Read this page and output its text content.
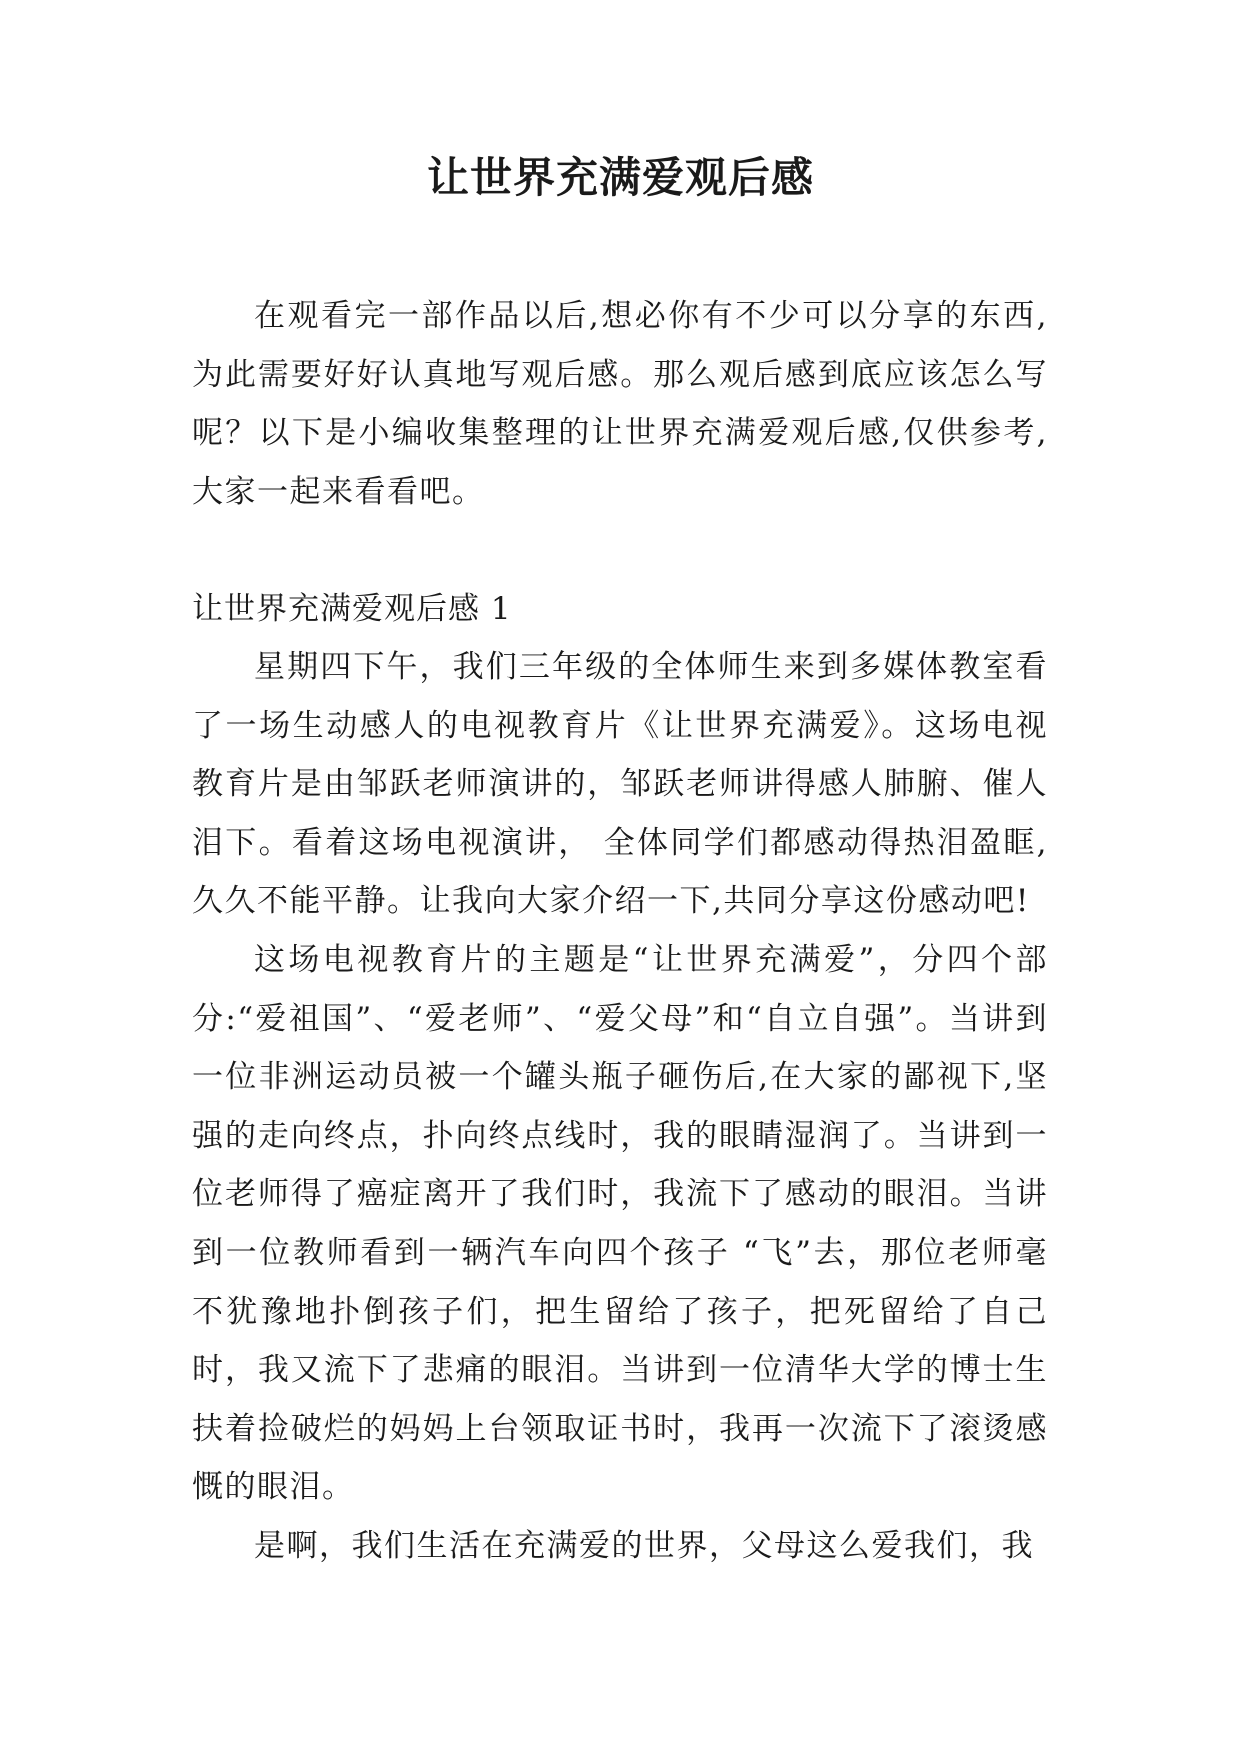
让世界充满爱观后感

在观看完一部作品以后,想必你有不少可以分享的东西,为此需要好好认真地写观后感。那么观后感到底应该怎么写呢？以下是小编收集整理的让世界充满爱观后感,仅供参考,大家一起来看看吧。

让世界充满爱观后感 1

星期四下午，我们三年级的全体师生来到多媒体教室看了一场生动感人的电视教育片《让世界充满爱》。这场电视教育片是由邹跃老师演讲的，邹跃老师讲得感人肺腑、催人泪下。看着这场电视演讲， 全体同学们都感动得热泪盈眶,久久不能平静。让我向大家介绍一下,共同分享这份感动吧!

这场电视教育片的主题是“让世界充满爱”，分四个部分:“爱祖国”、“爱老师”、“爱父母”和“自立自强”。当讲到一位非洲运动员被一个罐头瓶子砸伤后,在大家的鄙视下,坚强的走向终点，扑向终点线时，我的眼睛湿润了。当讲到一位老师得了癌症离开了我们时，我流下了感动的眼泪。当讲到一位教师看到一辆汽车向四个孩子 “飞”去，那位老师毫不犹豫地扑倒孩子们，把生留给了孩子，把死留给了自己时，我又流下了悲痛的眼泪。当讲到一位清华大学的博士生扶着捡破烂的妈妈上台领取证书时，我再一次流下了滚烫感慨的眼泪。

是啊，我们生活在充满爱的世界，父母这么爱我们，我
